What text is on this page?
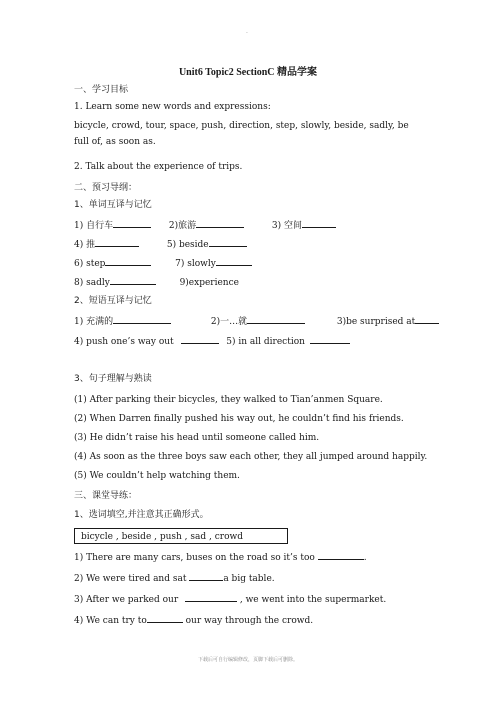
.
Unit6 Topic2 SectionC 精品学案
一、学习目标
1. Learn some new words and expressions:
bicycle, crowd, tour, space, push, direction, step, slowly, beside, sadly, be full of, as soon as.
2. Talk about the experience of trips.
二、预习导纲：
1、单词互译与记忆
1) 自行车	2)旅游	3) 空间
4) 推	5) beside
6) step	7) slowly
8) sadly	9)experience
2、短语互译与记忆
1) 充满的	2)一…就	3)be surprised at
4) push one’s way out	5) in all direction
3、句子理解与熟读
(1) After parking their bicycles, they walked to Tian’anmen Square.
(2) When Darren finally pushed his way out, he couldn’t find his friends.
(3) He didn’t raise his head until someone called him.
(4) As soon as the three boys saw each other, they all jumped around happily.
(5) We couldn’t help watching them.
三、课堂导练：
1、选词填空,并注意其正确形式。
bicycle , beside , push , sad , crowd
1) There are many cars, buses on the road so it’s too	.
2) We were tired and sat	a big table.
3) After we parked our	, we went into the supermarket.
4) We can try to	our way through the crowd.
下载后可自行编辑修改，页脚下载后可删除。
